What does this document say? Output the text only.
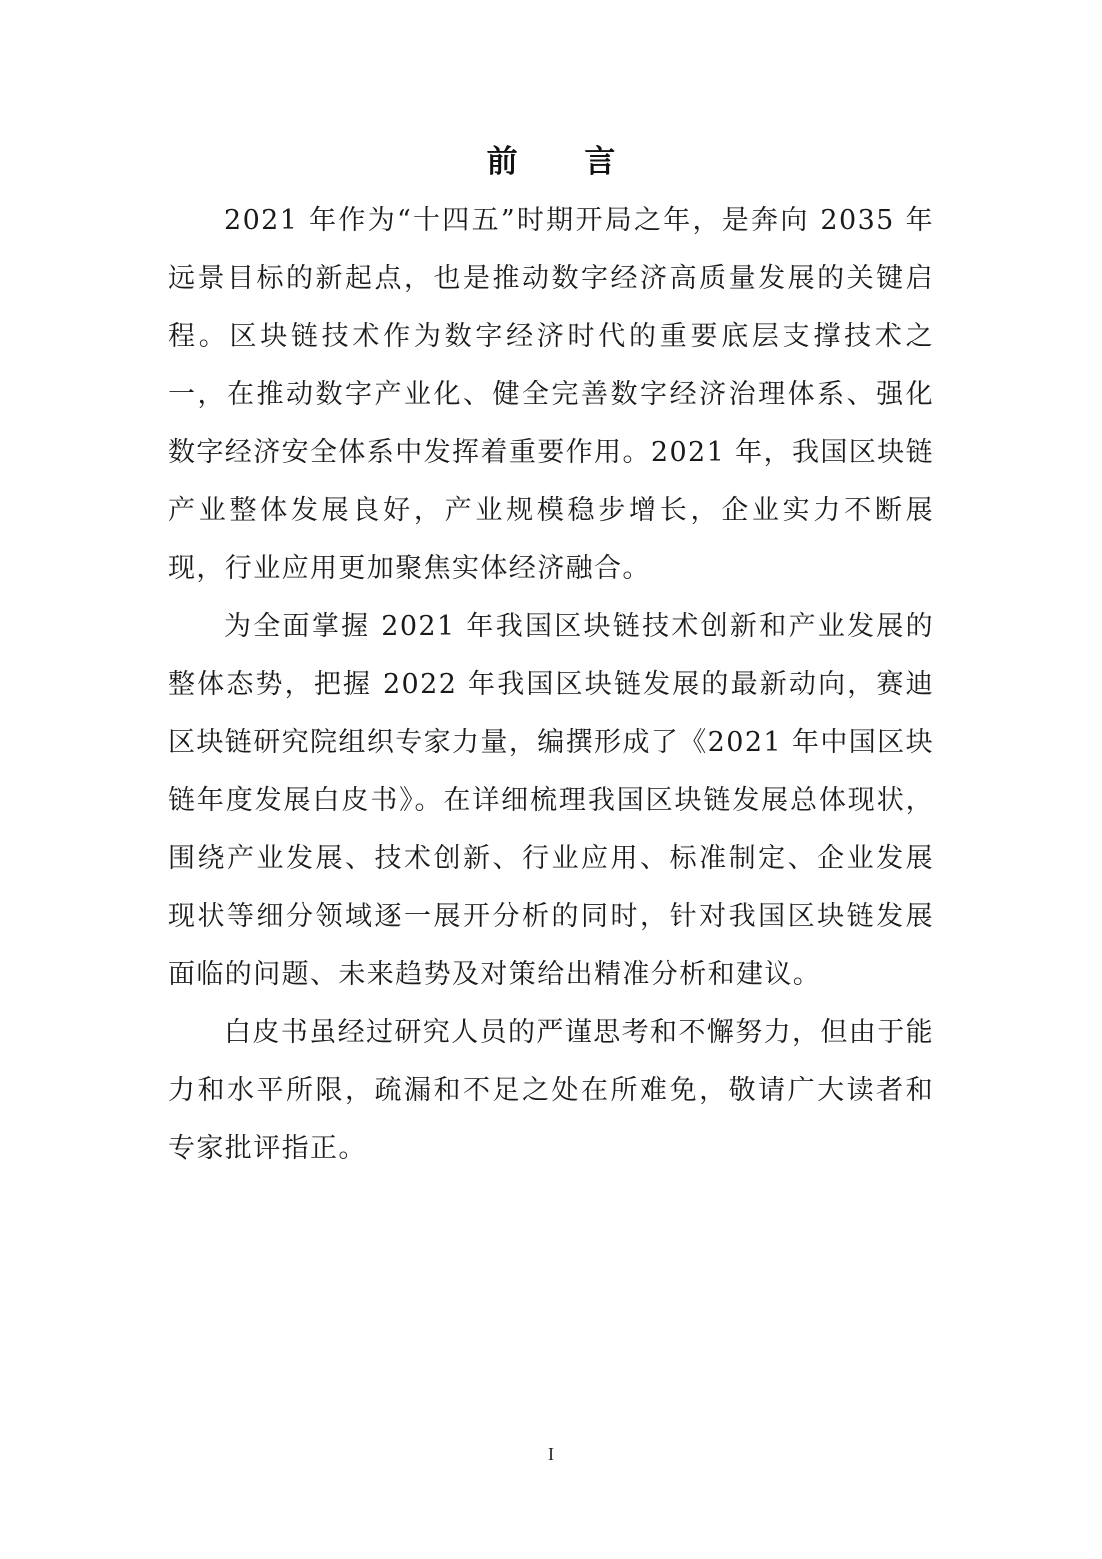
前 言

2021 年作为“十四五”时期开局之年，是奔向 2035 年远景目标的新起点，也是推动数字经济高质量发展的关键启程。区块链技术作为数字经济时代的重要底层支撑技术之一，在推动数字产业化、健全完善数字经济治理体系、强化数字经济安全体系中发挥着重要作用。2021 年，我国区块链产业整体发展良好，产业规模稳步增长，企业实力不断展现，行业应用更加聚焦实体经济融合。

为全面掌握 2021 年我国区块链技术创新和产业发展的整体态势，把握 2022 年我国区块链发展的最新动向，赛迪区块链研究院组织专家力量，编撰形成了《2021 年中国区块链年度发展白皮书》。在详细梳理我国区块链发展总体现状，围绕产业发展、技术创新、行业应用、标准制定、企业发展现状等细分领域逐一展开分析的同时，针对我国区块链发展面临的问题、未来趋势及对策给出精准分析和建议。

白皮书虽经过研究人员的严谨思考和不懈努力，但由于能力和水平所限，疏漏和不足之处在所难免，敬请广大读者和专家批评指正。

I
